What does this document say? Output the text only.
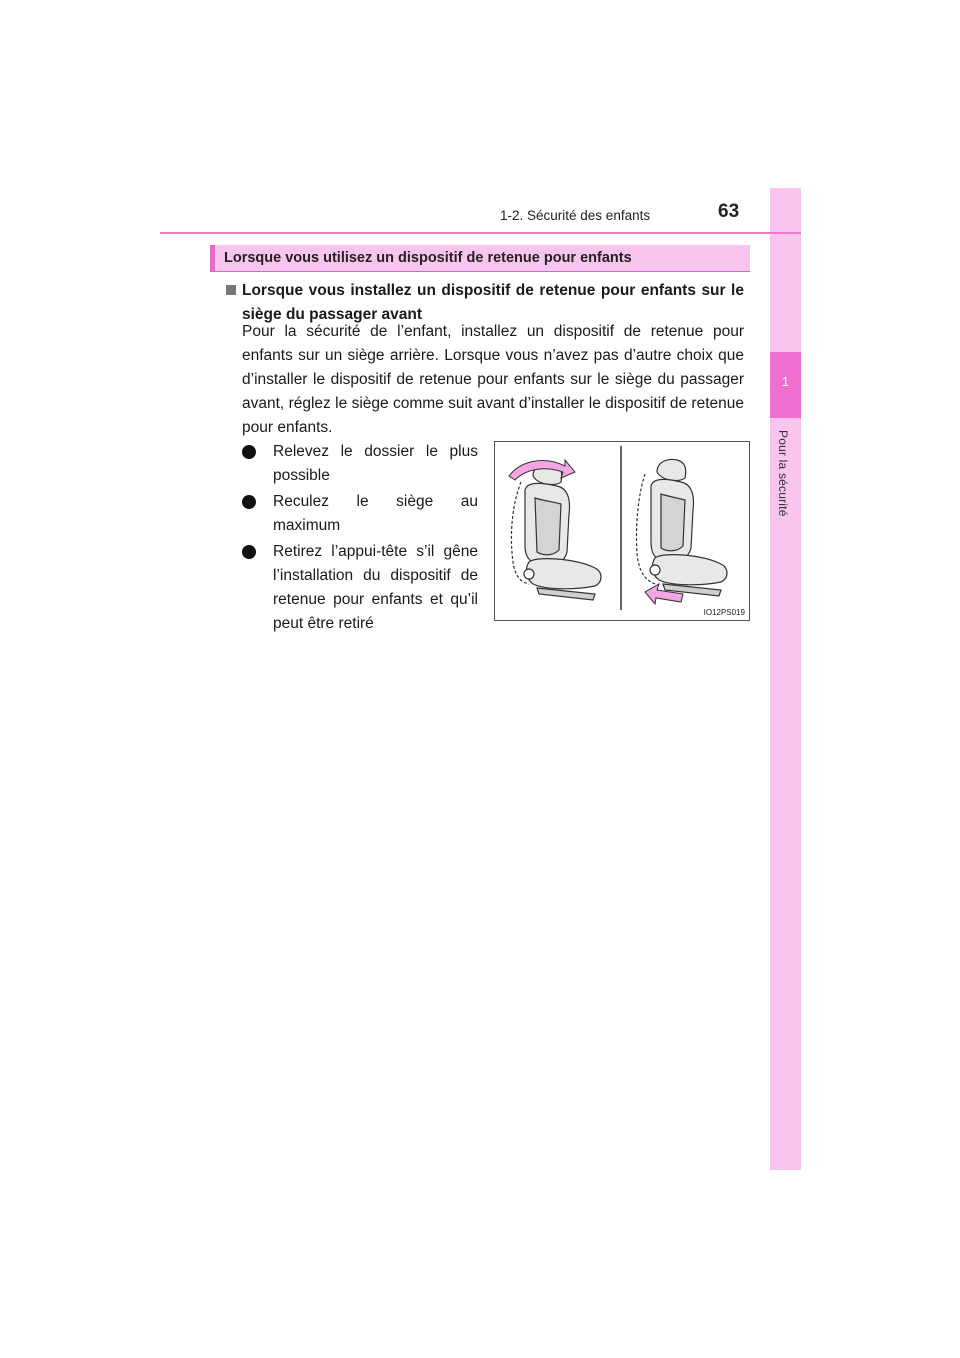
1
Pour la sécurité
1-2. Sécurité des enfants	63
Lorsque vous utilisez un dispositif de retenue pour enfants
Lorsque vous installez un dispositif de retenue pour enfants sur le siège du passager avant
Pour la sécurité de l’enfant, installez un dispositif de retenue pour enfants sur un siège arrière. Lorsque vous n’avez pas d’autre choix que d’installer le dispositif de retenue pour enfants sur le siège du passager avant, réglez le siège comme suit avant d’installer le dispositif de retenue pour enfants.
Relevez le dossier le plus possible
Reculez le siège au maximum
Retirez l’appui-tête s’il gêne l’installation du dispositif de retenue pour enfants et qu’il peut être retiré
IO12PS019
